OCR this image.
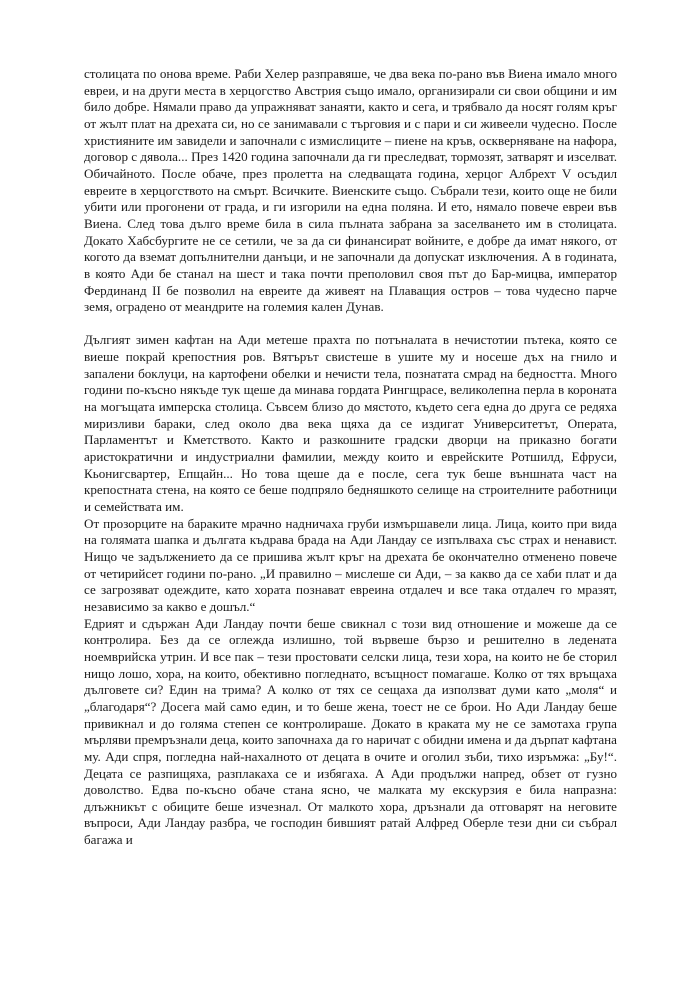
столицата по онова време. Раби Хелер разправяше, че два века по-рано във Виена имало много евреи, и на други места в херцогство Австрия също имало, организирали си свои общини и им било добре. Нямали право да упражняват занаяти, както и сега, и трябвало да носят голям кръг от жълт плат на дрехата си, но се занимавали с търговия и с пари и си живеели чудесно. После християните им завидели и започнали с измислиците – пиене на кръв, оскверняване на нафора, договор с дявола... През 1420 година започнали да ги преследват, тормозят, затварят и изселват. Обичайното. После обаче, през пролетта на следващата година, херцог Албрехт V осъдил евреите в херцогството на смърт. Всичките. Виенските също. Събрали тези, които още не били убити или прогонени от града, и ги изгорили на една поляна. И ето, нямало повече евреи във Виена. След това дълго време била в сила пълната забрана за заселването им в столицата. Докато Хабсбургите не се сетили, че за да си финансират войните, е добре да имат някого, от когото да вземат допълнителни данъци, и не започнали да допускат изключения. А в годината, в която Ади бе станал на шест и така почти преполовил своя път до Бар-мицва, император Фердинанд II бе позволил на евреите да живеят на Плаващия остров – това чудесно парче земя, оградено от меандрите на големия кален Дунав.

Дългият зимен кафтан на Ади метеше прахта по потъналата в нечистотии пътека, която се виеше покрай крепостния ров. Вятърът свистеше в ушите му и носеше дъх на гнило и запалени боклуци, на картофени обелки и нечисти тела, познатата смрад на бедността. Много години по-късно някъде тук щеше да минава гордата Рингщрасе, великолепна перла в короната на могъщата имперска столица. Съвсем близо до мястото, където сега една до друга се редяха миризливи бараки, след около два века щяха да се издигат Университетът, Операта, Парламентът и Кметството. Както и разкошните градски дворци на приказно богати аристократични и индустриални фамилии, между които и еврейските Ротшилд, Ефруси, Кьонигсвартер, Епщайн... Но това щеше да е после, сега тук беше външната част на крепостната стена, на която се беше подпряло бедняшкото селище на строителните работници и семействата им.

От прозорците на бараките мрачно надничаха груби измършавели лица. Лица, които при вида на голямата шапка и дългата къдрава брада на Ади Ландау се изпълваха със страх и ненавист. Нищо че задължението да се пришива жълт кръг на дрехата бе окончателно отменено повече от четирийсет години по-рано. „И правилно – мислеше си Ади, – за какво да се хаби плат и да се загрозяват одеждите, като хората познават евреина отдалеч и все така отдалеч го мразят, независимо за какво е дошъл.“

Едрият и сдържан Ади Ландау почти беше свикнал с този вид отношение и можеше да се контролира. Без да се оглежда излишно, той вървеше бързо и решително в ледената ноемврийска утрин. И все пак – тези простовати селски лица, тези хора, на които не бе сторил нищо лошо, хора, на които, обективно погледнато, всъщност помагаше. Колко от тях връщаха дълговете си? Един на трима? А колко от тях се сещаха да използват думи като „моля“ и „благодаря“? Досега май само един, и то беше жена, тоест не се брои. Но Ади Ландау беше привикнал и до голяма степен се контролираше. Докато в краката му не се замотаха група мърляви премръзнали деца, които започнаха да го наричат с обидни имена и да дърпат кафтана му. Ади спря, погледна най-нахалното от децата в очите и оголил зъби, тихо изръмжа: „Бу!“. Децата се разпищяха, разплакаха се и избягаха. А Ади продължи напред, обзет от гузно доволство. Едва по-късно обаче стана ясно, че малката му екскурзия е била напразна: длъжникът с обиците беше изчезнал. От малкото хора, дръзнали да отговарят на неговите въпроси, Ади Ландау разбра, че господин бившият ратай Алфред Оберле тези дни си събрал багажа и
